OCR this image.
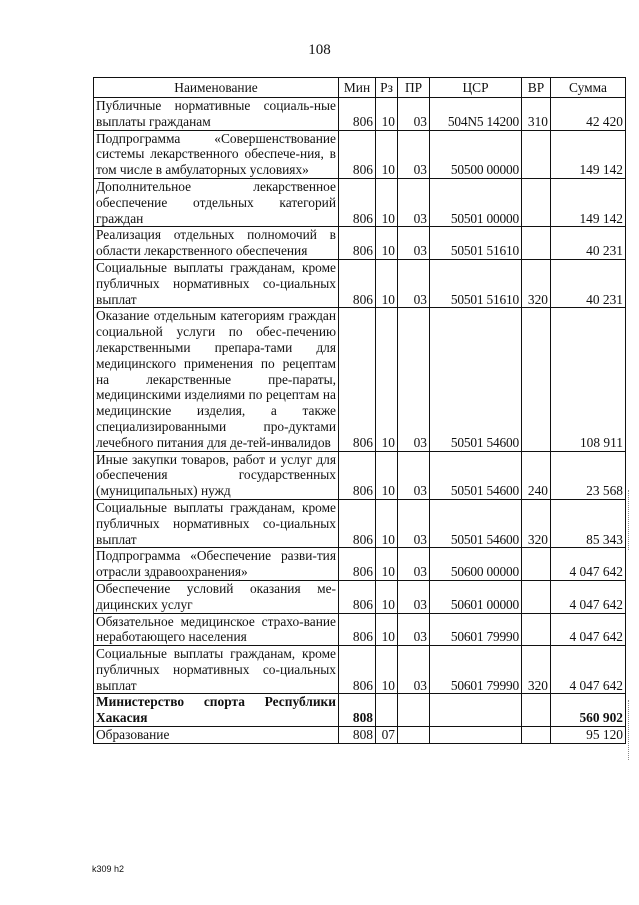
108
Наименование	Мин	Рз	ПР	ЦСР	ВР	Сумма
Публичные нормативные социаль-ные выплаты гражданам	806	10	03	504N5 14200	310	42 420
Подпрограмма «Совершенствование системы лекарственного обеспече-ния, в том числе в амбулаторных условиях»	806	10	03	50500 00000		149 142
Дополнительное лекарственное обеспечение отдельных категорий граждан	806	10	03	50501 00000		149 142
Реализация отдельных полномочий в области лекарственного обеспечения	806	10	03	50501 51610		40 231
Социальные выплаты гражданам, кроме публичных нормативных со-циальных выплат	806	10	03	50501 51610	320	40 231
Оказание отдельным категориям граждан социальной услуги по обес-печению лекарственными препара-тами для медицинского применения по рецептам на лекарственные пре-параты, медицинскими изделиями по рецептам на медицинские изделия, а также специализированными про-дуктами лечебного питания для де-тей-инвалидов	806	10	03	50501 54600		108 911
Иные закупки товаров, работ и услуг для обеспечения государственных (муниципальных) нужд	806	10	03	50501 54600	240	23 568
Социальные выплаты гражданам, кроме публичных нормативных со-циальных выплат	806	10	03	50501 54600	320	85 343
Подпрограмма «Обеспечение разви-тия отрасли здравоохранения»	806	10	03	50600 00000		4 047 642
Обеспечение условий оказания ме-дицинских услуг	806	10	03	50601 00000		4 047 642
Обязательное медицинское страхо-вание неработающего населения	806	10	03	50601 79990		4 047 642
Социальные выплаты гражданам, кроме публичных нормативных со-циальных выплат	806	10	03	50601 79990	320	4 047 642
Министерство спорта Республики Хакасия	808					560 902
Образование	808	07				95 120
k309 h2
